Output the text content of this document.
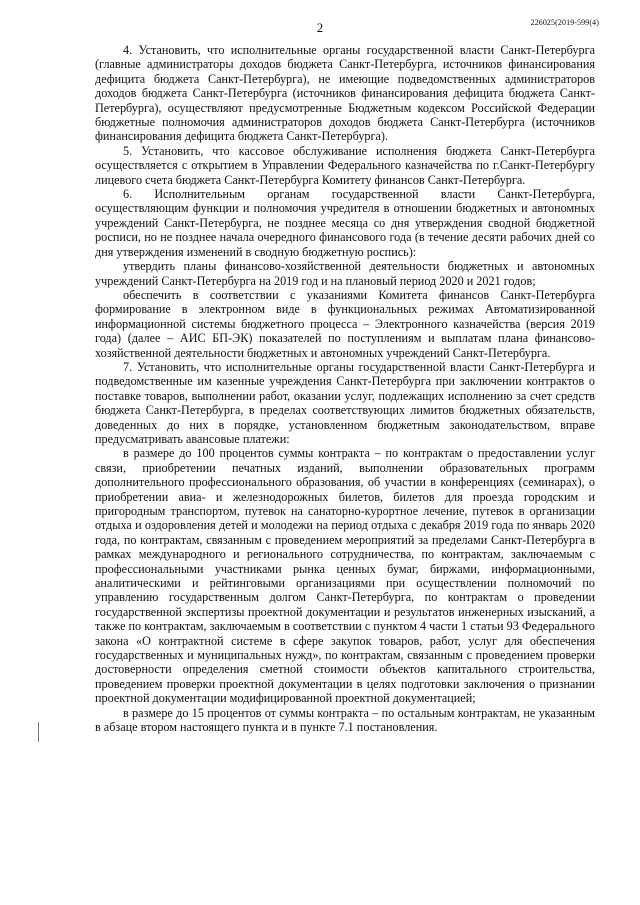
2	226025(2019-599(4)

4. Установить, что исполнительные органы государственной власти Санкт-Петербурга (главные администраторы доходов бюджета Санкт-Петербурга, источников финансирования дефицита бюджета Санкт-Петербурга), не имеющие подведомственных администраторов доходов бюджета Санкт-Петербурга (источников финансирования дефицита бюджета Санкт-Петербурга), осуществляют предусмотренные Бюджетным кодексом Российской Федерации бюджетные полномочия администраторов доходов бюджета Санкт-Петербурга (источников финансирования дефицита бюджета Санкт-Петербурга).

5. Установить, что кассовое обслуживание исполнения бюджета Санкт-Петербурга осуществляется с открытием в Управлении Федерального казначейства по г.Санкт-Петербургу лицевого счета бюджета Санкт-Петербурга Комитету финансов Санкт-Петербурга.

6. Исполнительным органам государственной власти Санкт-Петербурга, осуществляющим функции и полномочия учредителя в отношении бюджетных и автономных учреждений Санкт-Петербурга, не позднее месяца со дня утверждения сводной бюджетной росписи, но не позднее начала очередного финансового года (в течение десяти рабочих дней со дня утверждения изменений в сводную бюджетную роспись):

утвердить планы финансово-хозяйственной деятельности бюджетных и автономных учреждений Санкт-Петербурга на 2019 год и на плановый период 2020 и 2021 годов;

обеспечить в соответствии с указаниями Комитета финансов Санкт-Петербурга формирование в электронном виде в функциональных режимах Автоматизированной информационной системы бюджетного процесса – Электронного казначейства (версия 2019 года) (далее – АИС БП-ЭК) показателей по поступлениям и выплатам плана финансово-хозяйственной деятельности бюджетных и автономных учреждений Санкт-Петербурга.

7. Установить, что исполнительные органы государственной власти Санкт-Петербурга и подведомственные им казенные учреждения Санкт-Петербурга при заключении контрактов о поставке товаров, выполнении работ, оказании услуг, подлежащих исполнению за счет средств бюджета Санкт-Петербурга, в пределах соответствующих лимитов бюджетных обязательств, доведенных до них в порядке, установленном бюджетным законодательством, вправе предусматривать авансовые платежи:

в размере до 100 процентов суммы контракта – по контрактам о предоставлении услуг связи, приобретении печатных изданий, выполнении образовательных программ дополнительного профессионального образования, об участии в конференциях (семинарах), о приобретении авиа- и железнодорожных билетов, билетов для проезда городским и пригородным транспортом, путевок на санаторно-курортное лечение, путевок в организации отдыха и оздоровления детей и молодежи на период отдыха с декабря 2019 года по январь 2020 года, по контрактам, связанным с проведением мероприятий за пределами Санкт-Петербурга в рамках международного и регионального сотрудничества, по контрактам, заключаемым с профессиональными участниками рынка ценных бумаг, биржами, информационными, аналитическими и рейтинговыми организациями при осуществлении полномочий по управлению государственным долгом Санкт-Петербурга, по контрактам о проведении государственной экспертизы проектной документации и результатов инженерных изысканий, а также по контрактам, заключаемым в соответствии с пунктом 4 части 1 статьи 93 Федерального закона «О контрактной системе в сфере закупок товаров, работ, услуг для обеспечения государственных и муниципальных нужд», по контрактам, связанным с проведением проверки достоверности определения сметной стоимости объектов капитального строительства, проведением проверки проектной документации в целях подготовки заключения о признании проектной документации модифицированной проектной документацией;

в размере до 15 процентов от суммы контракта – по остальным контрактам, не указанным в абзаце втором настоящего пункта и в пункте 7.1 постановления.
